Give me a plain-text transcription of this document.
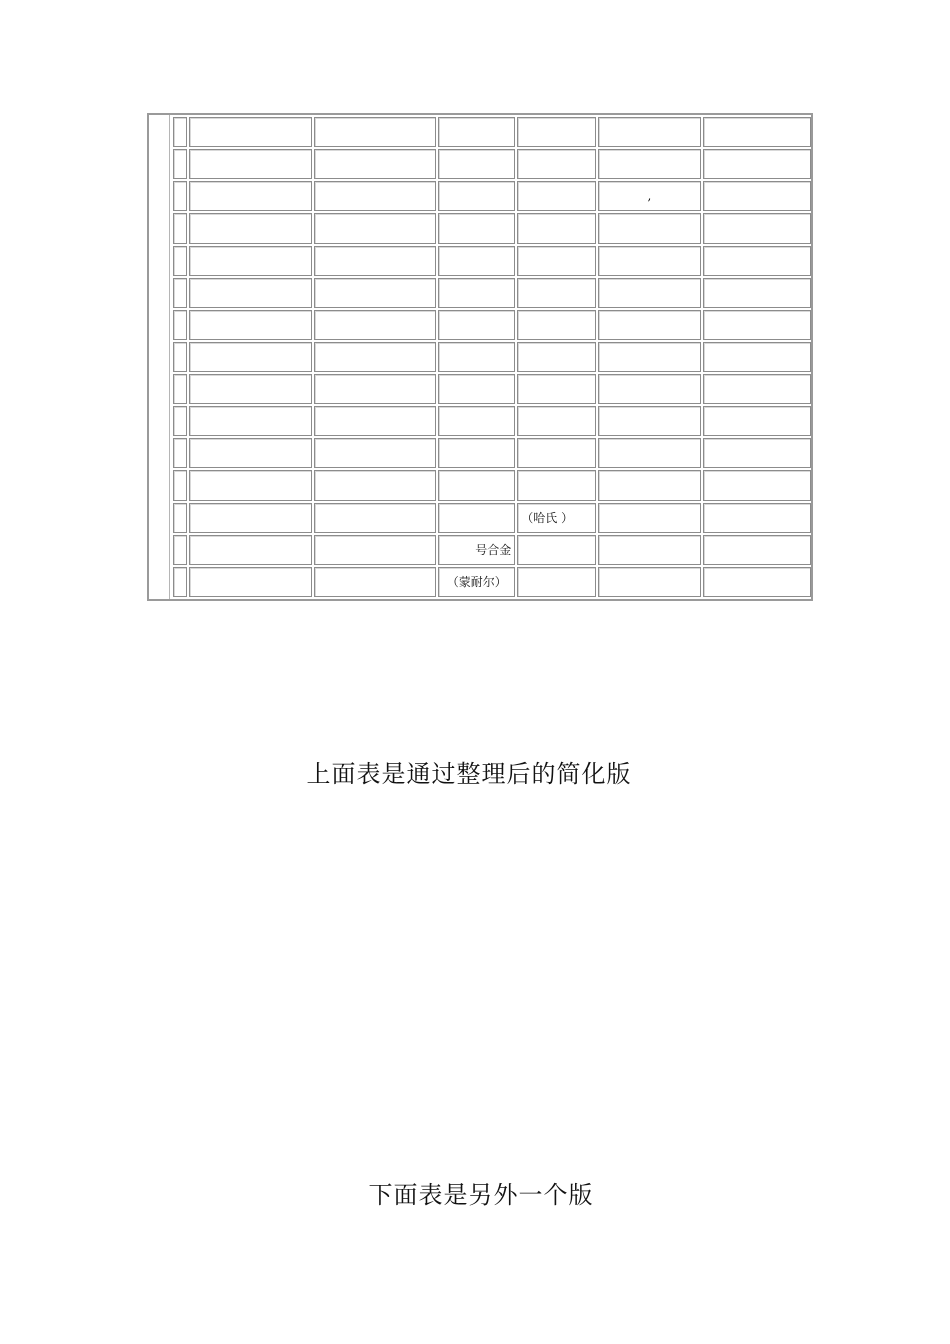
					,	

				（哈氏 ）		
			号合金			
			（蒙耐尔）			
上面表是通过整理后的简化版
下面表是另外一个版
